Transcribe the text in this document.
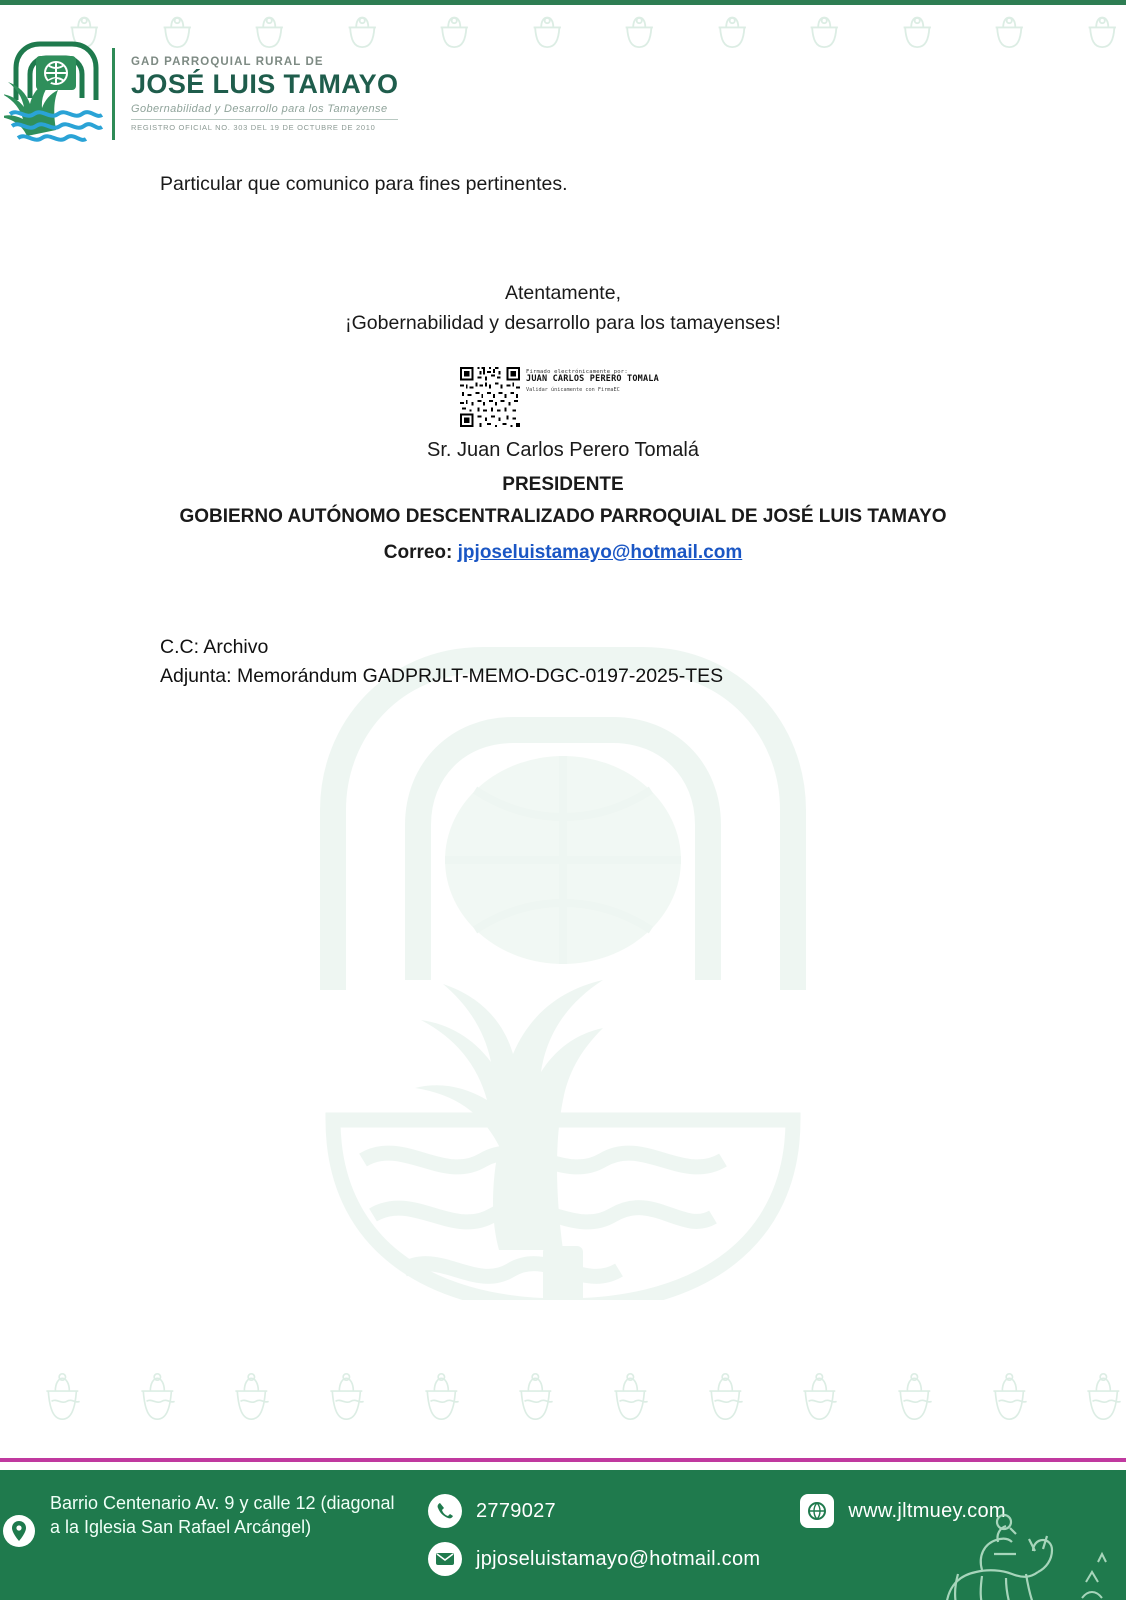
GAD PARROQUIAL RURAL DE
JOSÉ LUIS TAMAYO
Gobernabilidad y Desarrollo para los Tamayense
REGISTRO OFICIAL NO. 303 DEL 19 DE OCTUBRE DE 2010
Particular que comunico para fines pertinentes.
Atentamente,
¡Gobernabilidad y desarrollo para los tamayenses!
Firmado electrónicamente por:
JUAN CARLOS PERERO TOMALA
Validar únicamente con FirmaEC
Sr. Juan Carlos Perero Tomalá
PRESIDENTE
GOBIERNO AUTÓNOMO DESCENTRALIZADO PARROQUIAL DE JOSÉ LUIS TAMAYO
Correo: jpjoseluistamayo@hotmail.com
C.C: Archivo
Adjunta: Memorándum GADPRJLT-MEMO-DGC-0197-2025-TES
Barrio Centenario Av. 9 y calle 12 (diagonal a la Iglesia San Rafael Arcángel)
2779027
jpjoseluistamayo@hotmail.com
www.jltmuey.com
